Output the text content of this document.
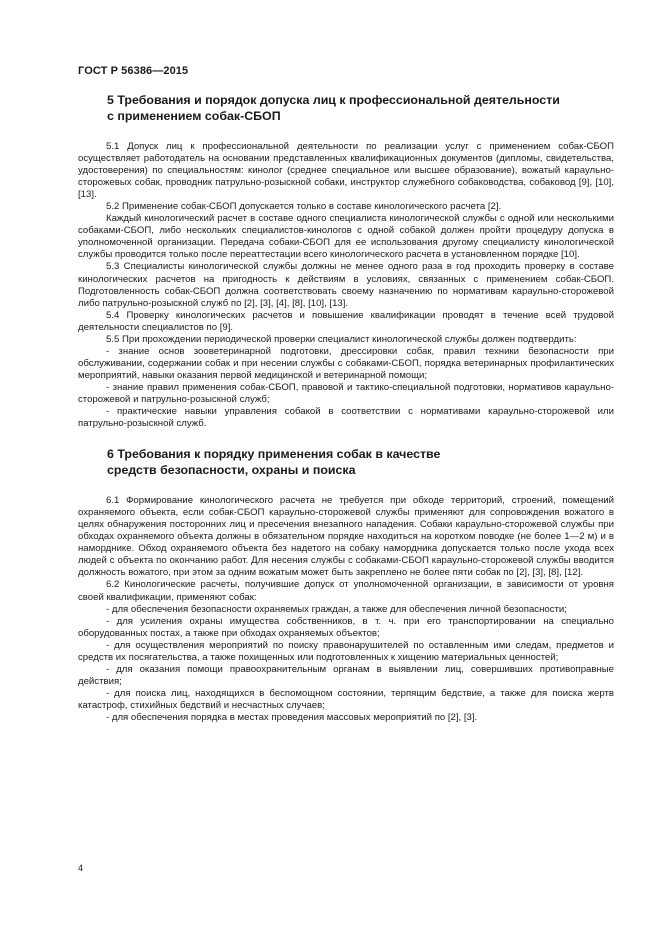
ГОСТ Р 56386—2015
5 Требования и порядок допуска лиц к профессиональной деятельности
с применением собак-СБОП

5.1 Допуск лиц к профессиональной деятельности по реализации услуг с применением собак-СБОП осуществляет работодатель на основании представленных квалификационных документов (дипломы, свидетельства, удостоверения) по специальностям: кинолог (среднее специальное или высшее образование), вожатый караульно-сторожевых собак, проводник патрульно-розыскной собаки, инструктор служебного собаководства, собаковод [9], [10], [13].

5.2 Применение собак-СБОП допускается только в составе кинологического расчета [2].

Каждый кинологический расчет в составе одного специалиста кинологической службы с одной или несколькими собаками-СБОП, либо нескольких специалистов-кинологов с одной собакой должен пройти процедуру допуска в уполномоченной организации. Передача собаки-СБОП для ее использования другому специалисту кинологической службы проводится только после переаттестации всего кинологического расчета в установленном порядке [10].

5.3 Специалисты кинологической службы должны не менее одного раза в год проходить проверку в составе кинологических расчетов на пригодность к действиям в условиях, связанных с применением собак-СБОП. Подготовленность собак-СБОП должна соответствовать своему назначению по нормативам караульно-сторожевой либо патрульно-розыскной служб по [2], [3], [4], [8], [10], [13].

5.4 Проверку кинологических расчетов и повышение квалификации проводят в течение всей трудовой деятельности специалистов по [9].

5.5 При прохождении периодической проверки специалист кинологической службы должен подтвердить:

- знание основ зооветеринарной подготовки, дрессировки собак, правил техники безопасности при обслуживании, содержании собак и при несении службы с собаками-СБОП, порядка ветеринарных профилактических мероприятий, навыки оказания первой медицинской и ветеринарной помощи;

- знание правил применения собак-СБОП, правовой и тактико-специальной подготовки, нормативов караульно-сторожевой и патрульно-розыскной служб;

- практические навыки управления собакой в соответствии с нормативами караульно-сторожевой или патрульно-розыскной служб.

6 Требования к порядку применения собак в качестве
средств безопасности, охраны и поиска

6.1 Формирование кинологического расчета не требуется при обходе территорий, строений, помещений охраняемого объекта, если собак-СБОП караульно-сторожевой службы применяют для сопровождения вожатого в целях обнаружения посторонних лиц и пресечения внезапного нападения. Собаки караульно-сторожевой службы при обходах охраняемого объекта должны в обязательном порядке находиться на коротком поводке (не более 1—2 м) и в наморднике. Обход охраняемого объекта без надетого на собаку намордника допускается только после ухода всех людей с объекта по окончанию работ. Для несения службы с собаками-СБОП караульно-сторожевой службы вводится должность вожатого, при этом за одним вожатым может быть закреплено не более пяти собак по [2], [3], [8], [12].

6.2 Кинологические расчеты, получившие допуск от уполномоченной организации, в зависимости от уровня своей квалификации, применяют собак:

- для обеспечения безопасности охраняемых граждан, а также для обеспечения личной безопасности;

- для усиления охраны имущества собственников, в т. ч. при его транспортировании на специально оборудованных постах, а также при обходах охраняемых объектов;

- для осуществления мероприятий по поиску правонарушителей по оставленным ими следам, предметов и средств их посягательства, а также похищенных или подготовленных к хищению материальных ценностей;

- для оказания помощи правоохранительным органам в выявлении лиц, совершивших противоправные действия;

- для поиска лиц, находящихся в беспомощном состоянии, терпящим бедствие, а также для поиска жертв катастроф, стихийных бедствий и несчастных случаев;

- для обеспечения порядка в местах проведения массовых мероприятий по [2], [3].

4
